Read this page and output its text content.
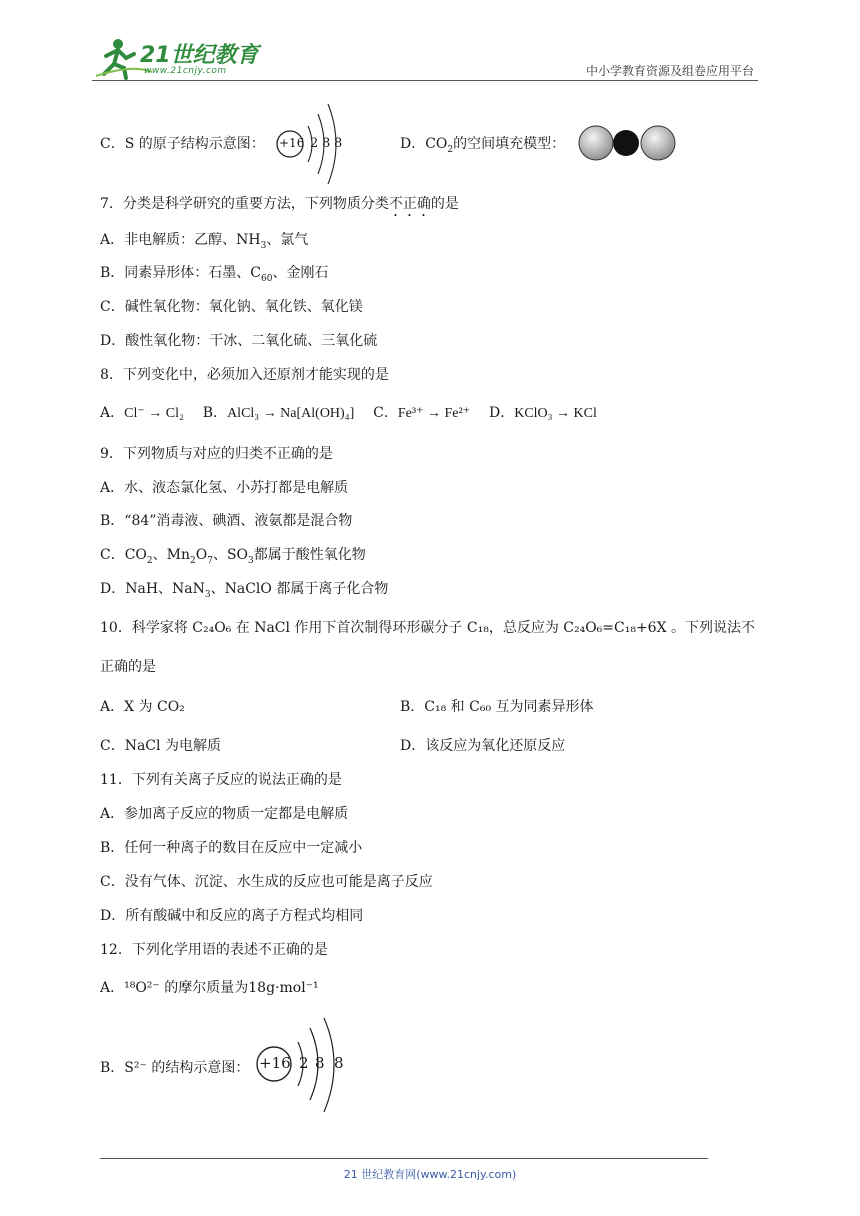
21世纪教育
www.21cnjy.com	中小学教育资源及组卷应用平台
C．S 的原子结构示意图： +16 2 8 8	D．$CO_2$的空间填充模型：
7．分类是科学研究的重要方法，下列物质分类不正确的是
A．非电解质：乙醇、$NH_3$、氯气
B．同素异形体：石墨、$C_{60}$、金刚石
C．碱性氧化物：氧化钠、氧化铁、氧化镁
D．酸性氧化物：干冰、二氧化硫、三氧化硫
8．下列变化中，必须加入还原剂才能实现的是
A．Cl⁻ → Cl₂ B．AlCl₃ → Na[Al(OH)₄] C．Fe³⁺ → Fe²⁺ D．KClO₃ → KCl
9．下列物质与对应的归类不正确的是
A．水、液态氯化氢、小苏打都是电解质
B．“84”消毒液、碘酒、液氨都是混合物
C．$CO_2$、$Mn_2O_7$、$SO_3$都属于酸性氧化物
D．NaH、NaN$_3$、NaClO 都属于离子化合物
10．科学家将 C₂₄O₆ 在 NaCl 作用下首次制得环形碳分子 C₁₈，总反应为 C₂₄O₆=C₁₈+6X 。下列说法不
正确的是
A．X 为 CO₂	B．C₁₈ 和 C₆₀ 互为同素异形体
C．NaCl 为电解质	D．该反应为氧化还原反应
11．下列有关离子反应的说法正确的是
A．参加离子反应的物质一定都是电解质
B．任何一种离子的数目在反应中一定减小
C．没有气体、沉淀、水生成的反应也可能是离子反应
D．所有酸碱中和反应的离子方程式均相同
12．下列化学用语的表述不正确的是
A．¹⁸O²⁻ 的摩尔质量为18g·mol⁻¹
B．S²⁻ 的结构示意图： +16 2 8 8
21 世纪教育网(www.21cnjy.com)
